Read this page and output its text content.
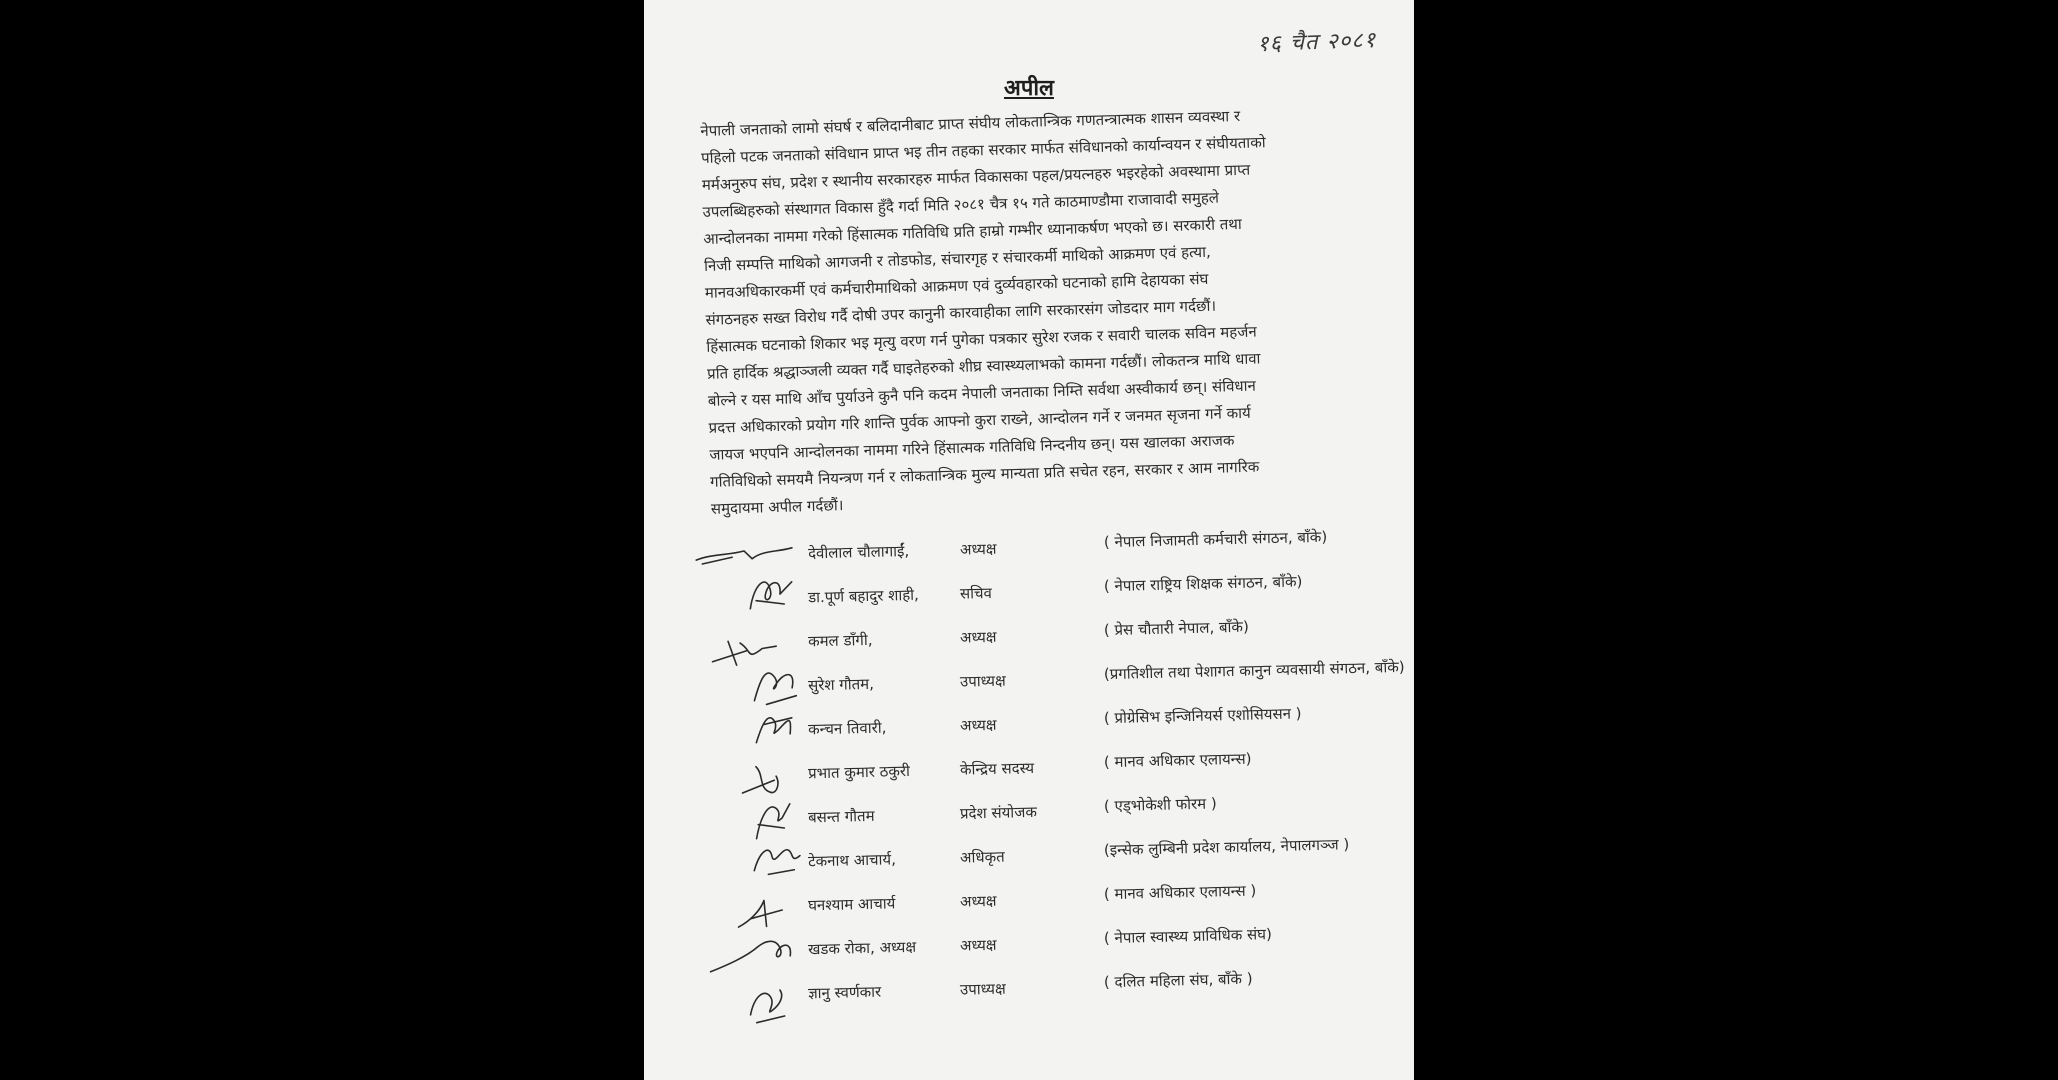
१६ चैत २०८१
अपील
नेपाली जनताको लामो संघर्ष र बलिदानीबाट प्राप्त संघीय लोकतान्त्रिक गणतन्त्रात्मक शासन व्यवस्था र
पहिलो पटक जनताको संविधान प्राप्त भइ तीन तहका सरकार मार्फत संविधानको कार्यान्वयन र संघीयताको
मर्मअनुरुप संघ, प्रदेश र स्थानीय सरकारहरु मार्फत विकासका पहल/प्रयत्नहरु भइरहेको अवस्थामा प्राप्त
उपलब्धिहरुको संस्थागत विकास हुँदै गर्दा मिति २०८१ चैत्र १५ गते काठमाण्डौमा राजावादी समुहले
आन्दोलनका नाममा गरेको हिंसात्मक गतिविधि प्रति हाम्रो गम्भीर ध्यानाकर्षण भएको छ। सरकारी तथा
निजी सम्पत्ति माथिको आगजनी र तोडफोड, संचारगृह र संचारकर्मी माथिको आक्रमण एवं हत्या,
मानवअधिकारकर्मी एवं कर्मचारीमाथिको आक्रमण एवं दुर्व्यवहारको घटनाको हामि देहायका संघ
संगठनहरु सख्त विरोध गर्दै दोषी उपर कानुनी कारवाहीका लागि सरकारसंग जोडदार माग गर्दछौं।
हिंसात्मक घटनाको शिकार भइ मृत्यु वरण गर्न पुगेका पत्रकार सुरेश रजक र सवारी चालक सविन महर्जन
प्रति हार्दिक श्रद्धाञ्जली व्यक्त गर्दै घाइतेहरुको शीघ्र स्वास्थ्यलाभको कामना गर्दछौं। लोकतन्त्र माथि धावा
बोल्ने र यस माथि आँच पुर्याउने कुनै पनि कदम नेपाली जनताका निम्ति सर्वथा अस्वीकार्य छन्। संविधान
प्रदत्त अधिकारको प्रयोग गरि शान्ति पुर्वक आफ्नो कुरा राख्ने, आन्दोलन गर्ने र जनमत सृजना गर्ने कार्य
जायज भएपनि आन्दोलनका नाममा गरिने हिंसात्मक गतिविधि निन्दनीय छन्। यस खालका अराजक
गतिविधिको समयमै नियन्त्रण गर्न र लोकतान्त्रिक मुल्य मान्यता प्रति सचेत रहन, सरकार र आम नागरिक
समुदायमा अपील गर्दछौं।
देवीलाल चौलागाईं,	अध्यक्ष	( नेपाल निजामती कर्मचारी संगठन, बाँके)
डा.पूर्ण बहादुर शाही,	सचिव	( नेपाल राष्ट्रिय शिक्षक संगठन, बाँके)
कमल डाँगी,	अध्यक्ष	( प्रेस चौतारी नेपाल, बाँके)
सुरेश गौतम,	उपाध्यक्ष	(प्रगतिशील तथा पेशागत कानुन व्यवसायी संगठन, बाँके)
कन्चन तिवारी,	अध्यक्ष	( प्रोग्रेसिभ इन्जिनियर्स एशोसियसन )
प्रभात कुमार ठकुरी	केन्द्रिय सदस्य	( मानव अधिकार एलायन्स)
बसन्त गौतम	प्रदेश संयोजक	( एड्भोकेशी फोरम )
टेकनाथ आचार्य,	अधिकृत	(इन्सेक लुम्बिनी प्रदेश कार्यालय, नेपालगञ्ज )
घनश्याम आचार्य	अध्यक्ष	( मानव अधिकार एलायन्स )
खडक रोका, अध्यक्ष	अध्यक्ष	( नेपाल स्वास्थ्य प्राविधिक संघ)
ज्ञानु स्वर्णकार	उपाध्यक्ष	( दलित महिला संघ, बाँके )
